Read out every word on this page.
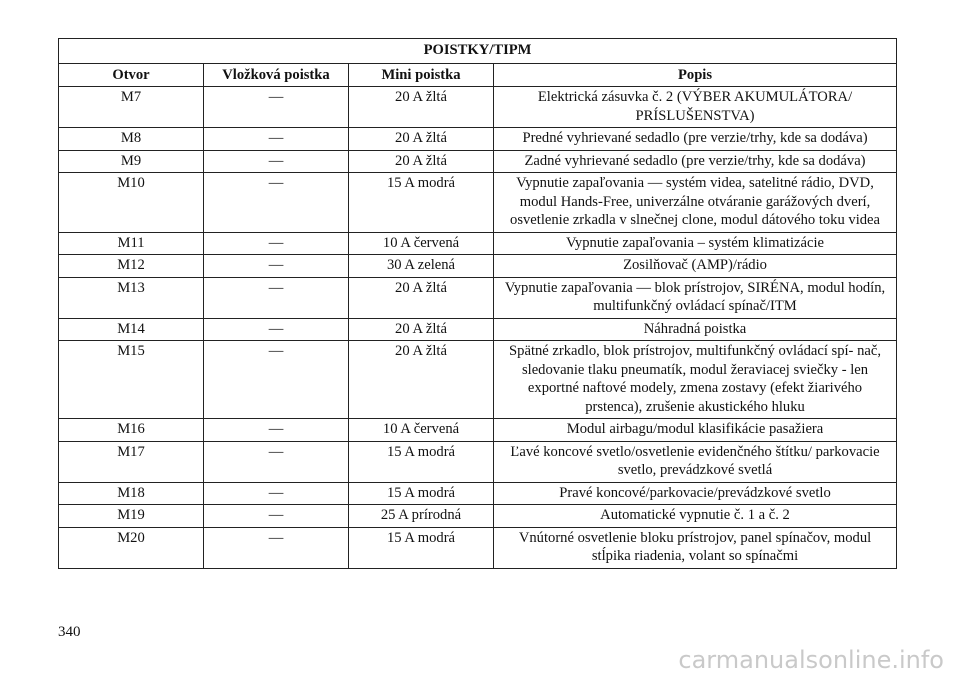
POISTKY/TIPM			
Otvor	Vložková poistka	Mini poistka	Popis
M7	—	20 A žltá	Elektrická zásuvka č. 2 (VÝBER AKUMULÁTORA/ PRÍSLUŠENSTVA)
M8	—	20 A žltá	Predné vyhrievané sedadlo (pre verzie/trhy, kde sa dodáva)
M9	—	20 A žltá	Zadné vyhrievané sedadlo (pre verzie/trhy, kde sa dodáva)
M10	—	15 A modrá	Vypnutie zapaľovania — systém videa, satelitné rádio, DVD, modul Hands-Free, univerzálne otváranie garážových dverí, osvetlenie zrkadla v slnečnej clone, modul dátového toku videa
M11	—	10 A červená	Vypnutie zapaľovania – systém klimatizácie
M12	—	30 A zelená	Zosilňovač (AMP)/rádio
M13	—	20 A žltá	Vypnutie zapaľovania — blok prístrojov, SIRÉNA, modul hodín, multifunkčný ovládací spínač/ITM
M14	—	20 A žltá	Náhradná poistka
M15	—	20 A žltá	Spätné zrkadlo, blok prístrojov, multifunkčný ovládací spí- nač, sledovanie tlaku pneumatík, modul žeraviacej sviečky - len exportné naftové modely, zmena zostavy (efekt žiarivého prstenca), zrušenie akustického hluku
M16	—	10 A červená	Modul airbagu/modul klasifikácie pasažiera
M17	—	15 A modrá	Ľavé koncové svetlo/osvetlenie evidenčného štítku/ parkovacie svetlo, prevádzkové svetlá
M18	—	15 A modrá	Pravé koncové/parkovacie/prevádzkové svetlo
M19	—	25 A prírodná	Automatické vypnutie č. 1 a č. 2
M20	—	15 A modrá	Vnútorné osvetlenie bloku prístrojov, panel spínačov, modul stĺpika riadenia, volant so spínačmi
340
carmanualsonline.info
